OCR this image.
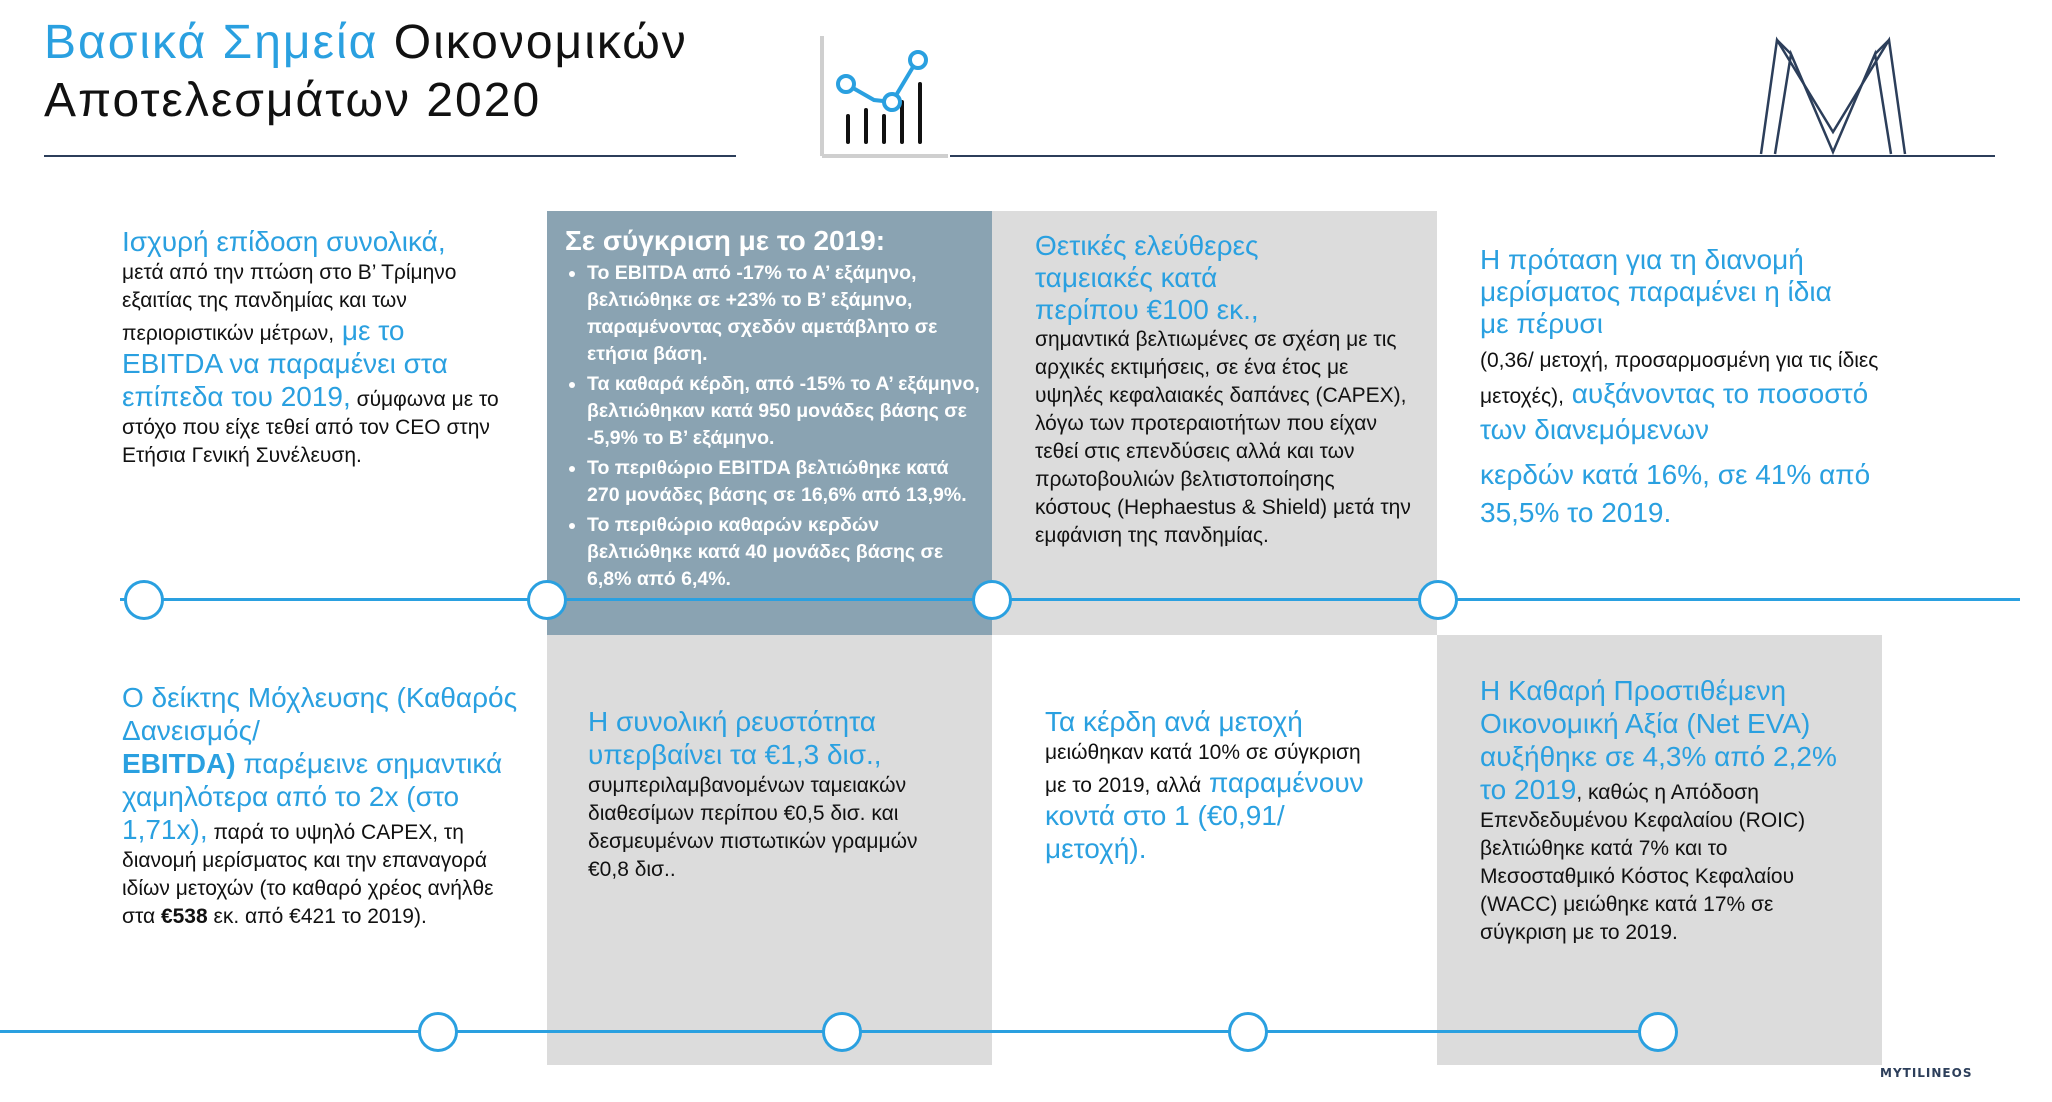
Βασικά Σημεία Οικονομικών
Αποτελεσμάτων 2020
Ισχυρή επίδοση συνολικά,
μετά από την πτώση στο Β’ Τρίμηνο εξαιτίας της πανδημίας και των περιοριστικών μέτρων, με το EBITDA να παραμένει στα επίπεδα του 2019, σύμφωνα με το στόχο που είχε τεθεί από τον CEO στην Ετήσια Γενική Συνέλευση.
Σε σύγκριση με το 2019:
• Το EBITDA από -17% το Α’ εξάμηνο, βελτιώθηκε σε +23% το Β’ εξάμηνο, παραμένοντας σχεδόν αμετάβλητο σε ετήσια βάση.
• Τα καθαρά κέρδη, από -15% το Α’ εξάμηνο, βελτιώθηκαν κατά 950 μονάδες βάσης σε -5,9% το Β’ εξάμηνο.
• Το περιθώριο EBITDA βελτιώθηκε κατά 270 μονάδες βάσης σε 16,6% από 13,9%.
• Το περιθώριο καθαρών κερδών βελτιώθηκε κατά 40 μονάδες βάσης σε 6,8% από 6,4%.
Θετικές ελεύθερες ταμειακές κατά περίπου €100 εκ.,
σημαντικά βελτιωμένες σε σχέση με τις αρχικές εκτιμήσεις, σε ένα έτος με υψηλές κεφαλαιακές δαπάνες (CAPEX), λόγω των προτεραιοτήτων που είχαν τεθεί στις επενδύσεις αλλά και των πρωτοβουλιών βελτιστοποίησης κόστους (Hephaestus & Shield) μετά την εμφάνιση της πανδημίας.
Η πρόταση για τη διανομή μερίσματος παραμένει η ίδια με πέρυσι
(0,36/ μετοχή, προσαρμοσμένη για τις ίδιες μετοχές), αυξάνοντας το ποσοστό των διανεμόμενων
κερδών κατά 16%, σε 41% από 35,5% το 2019.
Ο δείκτης Μόχλευσης (Καθαρός Δανεισμός/
EBITDA) παρέμεινε σημαντικά χαμηλότερα από το 2x (στο 1,71x), παρά το υψηλό CAPEX, τη διανομή μερίσματος και την επαναγορά ιδίων μετοχών (το καθαρό χρέος ανήλθε στα €538 εκ. από €421 το 2019).
Η συνολική ρευστότητα υπερβαίνει τα €1,3 δισ.,
συμπεριλαμβανομένων ταμειακών διαθεσίμων περίπου €0,5 δισ. και δεσμευμένων πιστωτικών γραμμών €0,8 δισ..
Τα κέρδη ανά μετοχή
μειώθηκαν κατά 10% σε σύγκριση με το 2019, αλλά παραμένουν κοντά στο 1 (€0,91/μετοχή).
Η Καθαρή Προστιθέμενη Οικονομική Αξία (Net EVA) αυξήθηκε σε 4,3% από 2,2% το 2019, καθώς η Απόδοση Επενδεδυμένου Κεφαλαίου (ROIC) βελτιώθηκε κατά 7% και το Μεσοσταθμικό Κόστος Κεφαλαίου (WACC) μειώθηκε κατά 17% σε σύγκριση με το 2019.
MYTILINEOS
